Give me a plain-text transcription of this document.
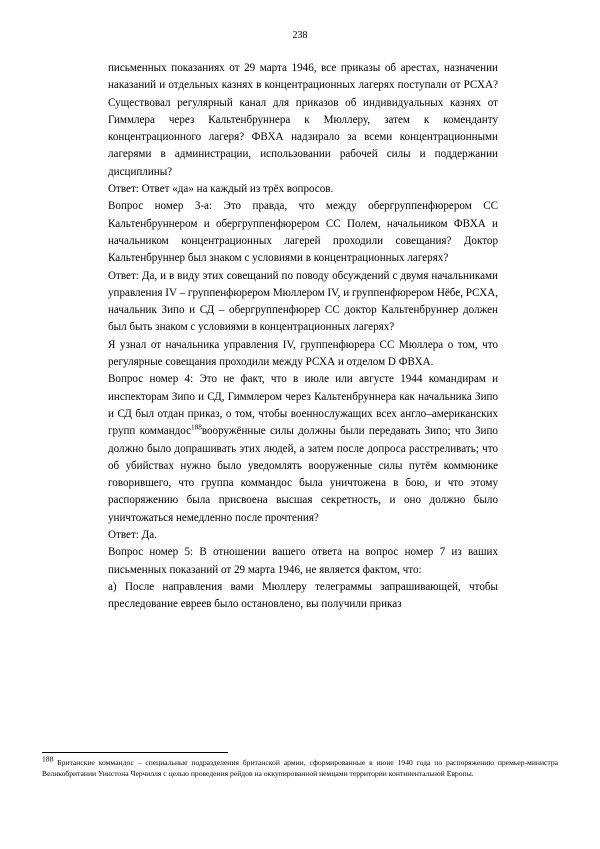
238

письменных показаниях от 29 марта 1946, все приказы об арестах, назначении наказаний и отдельных казнях в концентрационных лагерях поступали от РСХА? Существовал регулярный канал для приказов об индивидуальных казнях от Гиммлера через Кальтенбруннера к Мюллеру, затем к коменданту концентрационного лагеря? ФВХА надзирало за всеми концентрационными лагерями в администрации, использовании рабочей силы и поддержании дисциплины?

Ответ: Ответ «да» на каждый из трёх вопросов.

Вопрос номер 3-а: Это правда, что между обергруппенфюрером СС Кальтенбруннером и обергруппенфюрером СС Полем, начальником ФВХА и начальником концентрационных лагерей проходили совещания? Доктор Кальтенбруннер был знаком с условиями в концентрационных лагерях?

Ответ: Да, и в виду этих совещаний по поводу обсуждений с двумя начальниками управления IV – группенфюрером Мюллером IV, и группенфюрером Нёбе, РСХА, начальник Зипо и СД – обергруппенфюрер СС доктор Кальтенбруннер должен был быть знаком с условиями в концентрационных лагерях?

Я узнал от начальника управления IV, группенфюрера СС Мюллера о том, что регулярные совещания проходили между РСХА и отделом D ФВХА.

Вопрос номер 4: Это не факт, что в июле или августе 1944 командирам и инспекторам Зипо и СД, Гиммлером через Кальтенбруннера как начальника Зипо и СД был отдан приказ, о том, чтобы военнослужащих всех англо–американских групп коммандос$^{188}$вооружённые силы должны были передавать Зипо; что Зипо должно было допрашивать этих людей, а затем после допроса расстреливать; что об убийствах нужно было уведомлять вооруженные силы путём коммюнике говорившего, что группа коммандос была уничтожена в бою, и что этому распоряжению была присвоена высшая секретность, и оно должно было уничтожаться немедленно после прочтения?

Ответ: Да.

Вопрос номер 5: В отношении вашего ответа на вопрос номер 7 из ваших письменных показаний от 29 марта 1946, не является фактом, что:

а) После направления вами Мюллеру телеграммы запрашивающей, чтобы преследование евреев было остановлено, вы получили приказ

188 Британские коммандос – специальные подразделения британской армии, сформированные в июне 1940 года по распоряжению премьер-министра Великобритании Уинстона Черчилля с целью проведения рейдов на оккупированной немцами территории континентальной Европы.
